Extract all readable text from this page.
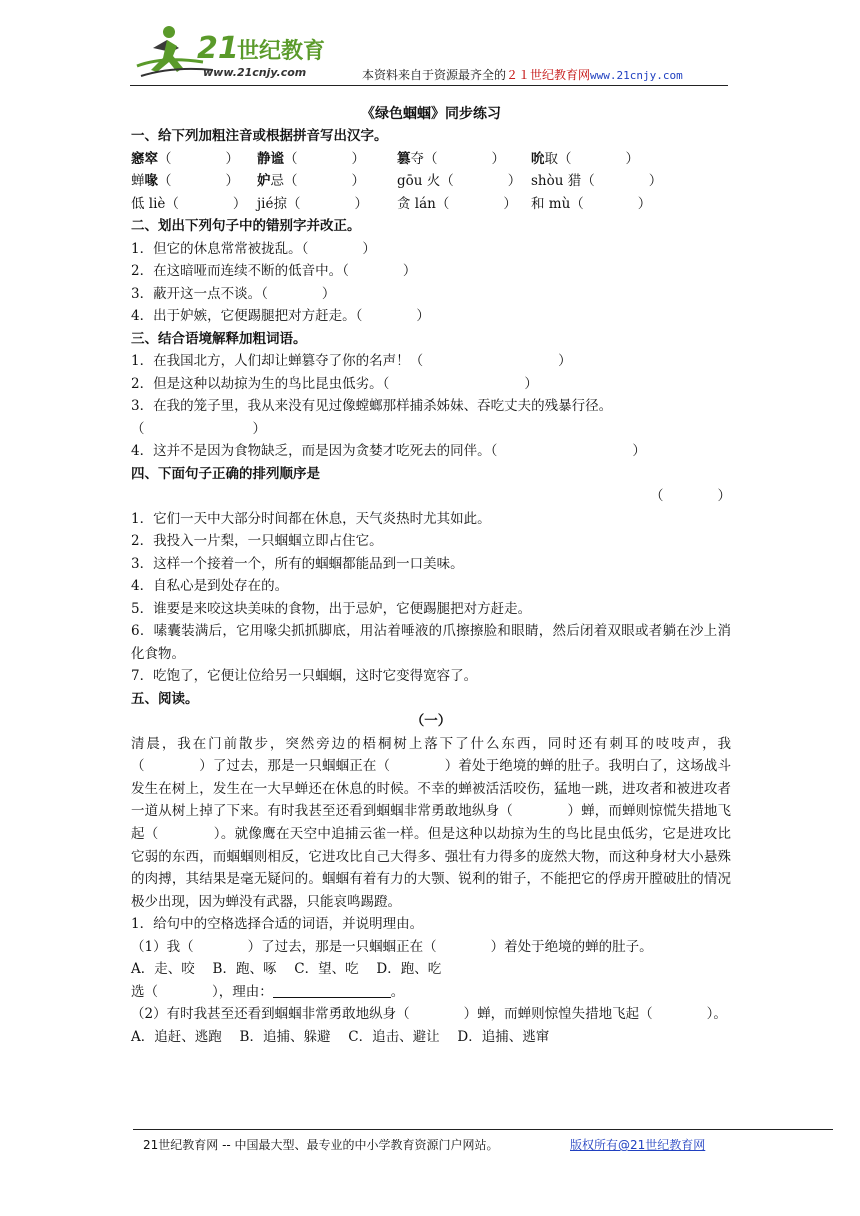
21
世纪教育
www.21cnjy.com	本资料来自于资源最齐全的２１世纪教育网www.21cnjy.com
《绿色蝈蝈》同步练习
一、给下列加粗注音或根据拼音写出汉字。
窸窣（　　　　） 静谧（　　　　） 篡夺（　　　　） 吮取（　　　　）
蝉喙（　　　　） 妒忌（　　　　） gōu 火（　　　　） shòu 猎（　　　　）
低 liè（　　　　） jié掠（　　　　） 贪 lán（　　　　） 和 mù（　　　　）
二、划出下列句子中的错别字并改正。
1．但它的休息常常被拢乱。（　　　　）
2．在这暗哑而连续不断的低音中。（　　　　）
3．蔽开这一点不谈。（　　　　）
4．出于妒嫉，它便踢腿把对方赶走。（　　　　）
三、结合语境解释加粗词语。
1．在我国北方，人们却让蝉篡夺了你的名声！（　　　　　　　　　　）
2．但是这种以劫掠为生的鸟比昆虫低劣。（　　　　　　　　　　）
3．在我的笼子里，我从来没有见过像螳螂那样捕杀姊妹、吞吃丈夫的残暴行径。
（　　　　　　　　）
4．这并不是因为食物缺乏，而是因为贪婪才吃死去的同伴。（　　　　　　　　　　）
四、下面句子正确的排列顺序是
（　　　　）
1．它们一天中大部分时间都在休息，天气炎热时尤其如此。
2．我投入一片梨，一只蝈蝈立即占住它。
3．这样一个接着一个，所有的蝈蝈都能品到一口美味。
4．自私心是到处存在的。
5．谁要是来咬这块美味的食物，出于忌妒，它便踢腿把对方赶走。
6．嗉囊装满后，它用喙尖抓抓脚底，用沾着唾液的爪擦擦脸和眼睛，然后闭着双眼或者躺在沙上消化食物。
7．吃饱了，它便让位给另一只蝈蝈，这时它变得宽容了。
五、阅读。
（一）
清晨，我在门前散步，突然旁边的梧桐树上落下了什么东西，同时还有刺耳的吱吱声，我（　　　　）了过去，那是一只蝈蝈正在（　　　　）着处于绝境的蝉的肚子。我明白了，这场战斗发生在树上，发生在一大早蝉还在休息的时候。不幸的蝉被活活咬伤，猛地一跳，进攻者和被进攻者一道从树上掉了下来。有时我甚至还看到蝈蝈非常勇敢地纵身（　　　　）蝉，而蝉则惊慌失措地飞起（　　　　）。就像鹰在天空中追捕云雀一样。但是这种以劫掠为生的鸟比昆虫低劣，它是进攻比它弱的东西，而蝈蝈则相反，它进攻比自己大得多、强壮有力得多的庞然大物，而这种身材大小悬殊的肉搏，其结果是毫无疑问的。蝈蝈有着有力的大颚、锐利的钳子，不能把它的俘虏开膛破肚的情况极少出现，因为蝉没有武器，只能哀鸣踢蹬。
1．给句中的空格选择合适的词语，并说明理由。
（1）我（　　　　）了过去，那是一只蝈蝈正在（　　　　）着处于绝境的蝉的肚子。
A．走、咬　 B．跑、啄　 C．望、吃　 D．跑、吃
选（　　　　），理由：	。
（2）有时我甚至还看到蝈蝈非常勇敢地纵身（　　　　）蝉，而蝉则惊惶失措地飞起（　　　　）。
A．追赶、逃跑　 B．追捕、躲避　 C．追击、避让　 D．追捕、逃窜
21世纪教育网 -- 中国最大型、最专业的中小学教育资源门户网站。	版权所有@21世纪教育网
